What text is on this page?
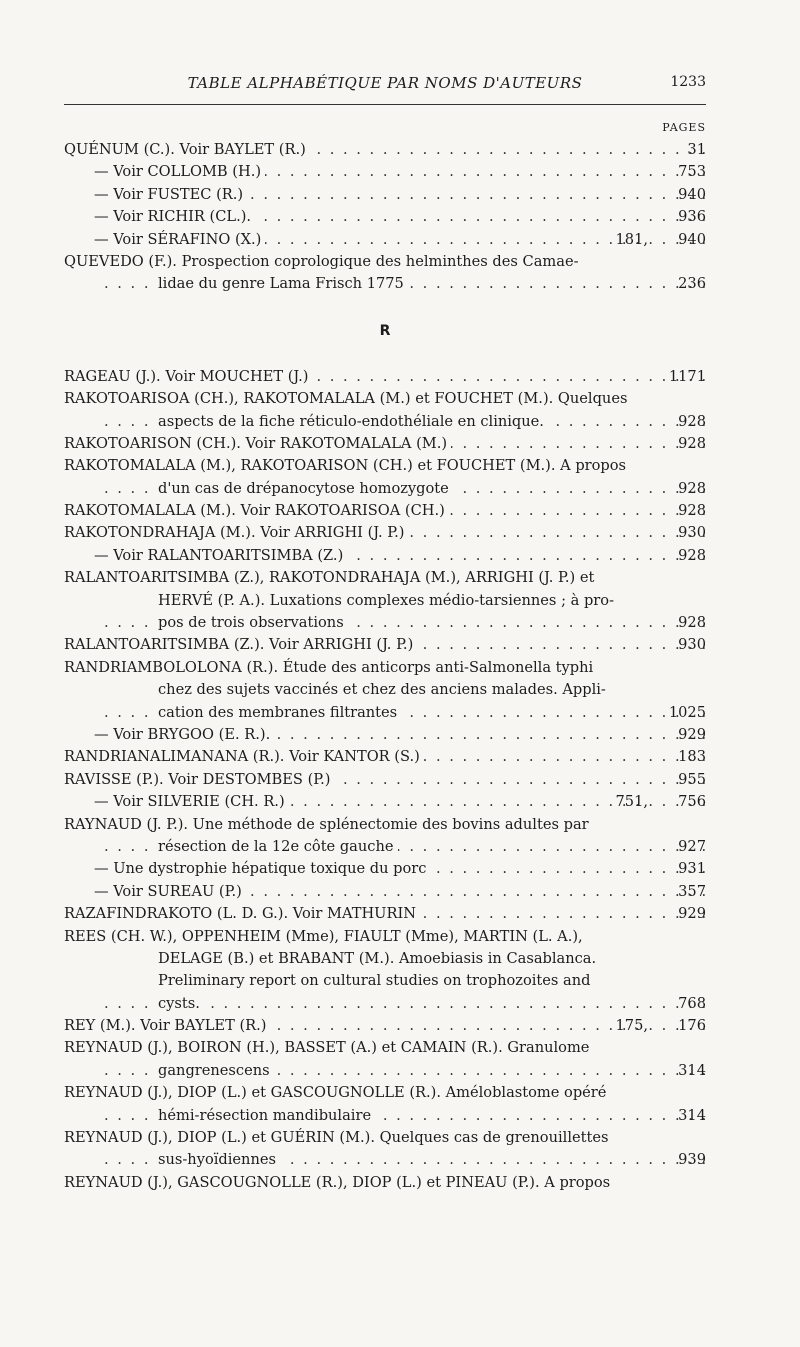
TABLE ALPHABÉTIQUE PAR NOMS D'AUTEURS	1233
PAGES
QUÉNUM (C.). Voir BAYLET (R.)	31
. . .
— Voir COLLOMB (H.)	753
. . .
— Voir FUSTEC (R.)	940
. . .
— Voir RICHIR (CL.).	936
. . .
— Voir SÉRAFINO (X.)	181, 940
. . .
QUEVEDO (F.). Prospection coprologique des helminthes des Camae-
lidae du genre Lama Frisch 1775	236
. . .
R
RAGEAU (J.). Voir MOUCHET (J.)	1171
. . .
RAKOTOARISOA (CH.), RAKOTOMALALA (M.) et FOUCHET (M.). Quelques
aspects de la fiche réticulo-endothéliale en clinique.	928
. . .
RAKOTOARISON (CH.). Voir RAKOTOMALALA (M.)	928
. . .
RAKOTOMALALA (M.), RAKOTOARISON (CH.) et FOUCHET (M.). A propos
d'un cas de drépanocytose homozygote	928
. . .
RAKOTOMALALA (M.). Voir RAKOTOARISOA (CH.)	928
. . .
RAKOTONDRAHAJA (M.). Voir ARRIGHI (J. P.)	930
. . .
— Voir RALANTOARITSIMBA (Z.)	928
. . .
RALANTOARITSIMBA (Z.), RAKOTONDRAHAJA (M.), ARRIGHI (J. P.) et
HERVÉ (P. A.). Luxations complexes médio-tarsiennes ; à pro-
pos de trois observations	928
. . .
RALANTOARITSIMBA (Z.). Voir ARRIGHI (J. P.)	930
. . .
RANDRIAMBOLOLONA (R.). Étude des anticorps anti-Salmonella typhi
chez des sujets vaccinés et chez des anciens malades. Appli-
cation des membranes filtrantes	1025
. . .
— Voir BRYGOO (E. R.).	929
. . .
RANDRIANALIMANANA (R.). Voir KANTOR (S.)	183
. . .
RAVISSE (P.). Voir DESTOMBES (P.)	955
. . .
— Voir SILVERIE (CH. R.)	751, 756
. . .
RAYNAUD (J. P.). Une méthode de splénectomie des bovins adultes par
résection de la 12e côte gauche	927
. . .
— Une dystrophie hépatique toxique du porc	931
. . .
— Voir SUREAU (P.)	357
. . .
RAZAFINDRAKOTO (L. D. G.). Voir MATHURIN	929
. . .
REES (CH. W.), OPPENHEIM (Mme), FIAULT (Mme), MARTIN (L. A.),
DELAGE (B.) et BRABANT (M.). Amoebiasis in Casablanca.
Preliminary report on cultural studies on trophozoites and
cysts.	768
. . .
REY (M.). Voir BAYLET (R.)	175, 176
. . .
REYNAUD (J.), BOIRON (H.), BASSET (A.) et CAMAIN (R.). Granulome
gangrenescens	314
. . .
REYNAUD (J.), DIOP (L.) et GASCOUGNOLLE (R.). Améloblastome opéré
hémi-résection mandibulaire	314
. . .
REYNAUD (J.), DIOP (L.) et GUÉRIN (M.). Quelques cas de grenouillettes
sus-hyoïdiennes	939
. . .
REYNAUD (J.), GASCOUGNOLLE (R.), DIOP (L.) et PINEAU (P.). A propos
